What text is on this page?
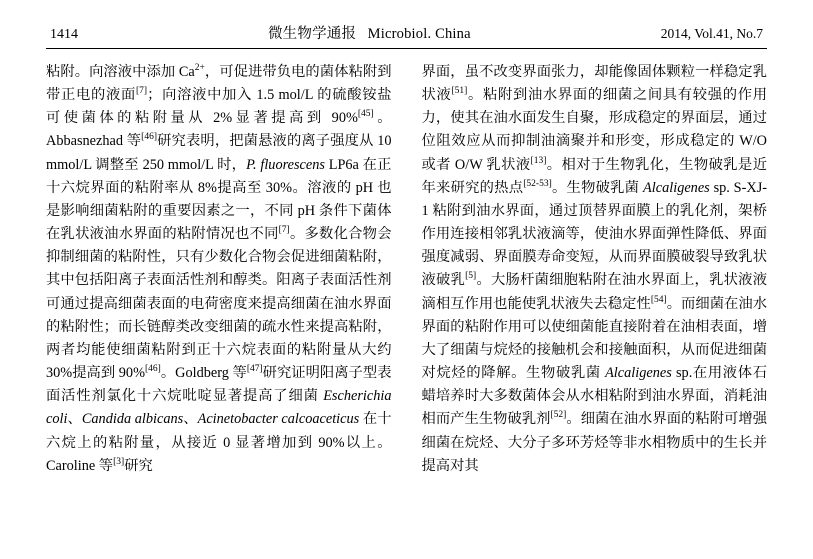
1414	微生物学通报 Microbiol. China	2014, Vol.41, No.7

粘附。向溶液中添加 $Ca^{2+}$，可促进带负电的菌体粘附到带正电的液面[7]；向溶液中加入 1.5 mol/L 的硫酸铵盐可使菌体的粘附量从 2%显著提高到 90%[45]。Abbasnezhad 等[46]研究表明，把菌悬液的离子强度从 10 mmol/L 调整至 250 mmol/L 时，P. fluorescens LP6a 在正十六烷界面的粘附率从 8%提高至 30%。溶液的 pH 也是影响细菌粘附的重要因素之一，不同 pH 条件下菌体在乳状液油水界面的粘附情况也不同[7]。多数化合物会抑制细菌的粘附性，只有少数化合物会促进细菌粘附，其中包括阳离子表面活性剂和醇类。阳离子表面活性剂可通过提高细菌表面的电荷密度来提高细菌在油水界面的粘附性；而长链醇类改变细菌的疏水性来提高粘附，两者均能使细菌粘附到正十六烷表面的粘附量从大约 30%提高到 90%[46]。Goldberg 等[47]研究证明阳离子型表面活性剂氯化十六烷吡啶显著提高了细菌 Escherichia coli、Candida albicans、Acinetobacter calcoaceticus 在十六烷上的粘附量，从接近 0 显著增加到 90%以上。Caroline 等[3]研究

界面，虽不改变界面张力，却能像固体颗粒一样稳定乳状液[51]。粘附到油水界面的细菌之间具有较强的作用力，使其在油水面发生自聚，形成稳定的界面层，通过位阻效应从而抑制油滴聚并和形变，形成稳定的 W/O 或者 O/W 乳状液[13]。相对于生物乳化，生物破乳是近年来研究的热点[52-53]。生物破乳菌 Alcaligenes sp. S-XJ-1 粘附到油水界面，通过顶替界面膜上的乳化剂，架桥作用连接相邻乳状液滴等，使油水界面弹性降低、界面强度减弱、界面膜寿命变短，从而界面膜破裂导致乳状液破乳[5]。大肠杆菌细胞粘附在油水界面上，乳状液液滴相互作用也能使乳状液失去稳定性[54]。而细菌在油水界面的粘附作用可以使细菌能直接附着在油相表面，增大了细菌与烷烃的接触机会和接触面积，从而促进细菌对烷烃的降解。生物破乳菌 Alcaligenes sp.在用液体石蜡培养时大多数菌体会从水相粘附到油水界面，消耗油相而产生生物破乳剂[52]。细菌在油水界面的粘附可增强细菌在烷烃、大分子多环芳烃等非水相物质中的生长并提高对其
